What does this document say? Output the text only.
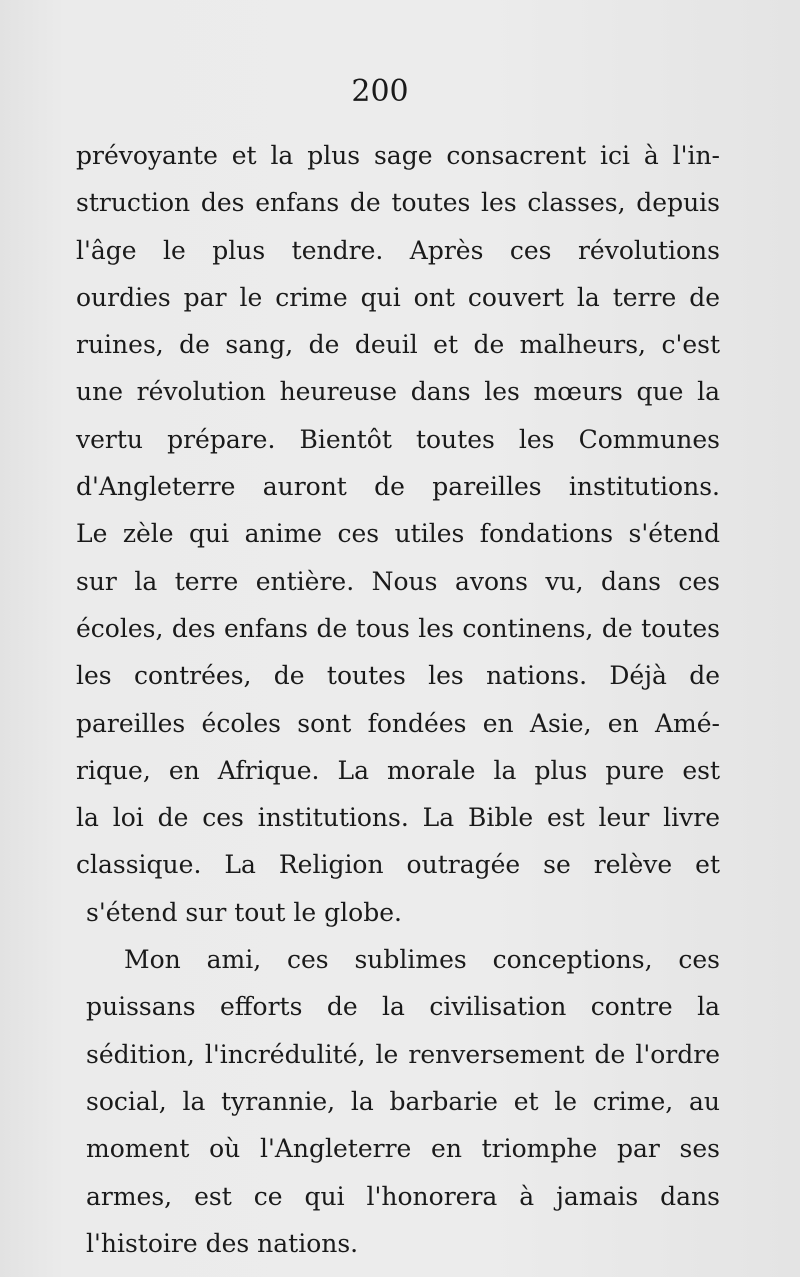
200
prévoyante et la plus sage consacrent ici à l'in-
struction des enfans de toutes les classes, depuis
l'âge le plus tendre. Après ces révolutions
ourdies par le crime qui ont couvert la terre de
ruines, de sang, de deuil et de malheurs, c'est
une révolution heureuse dans les mœurs que la
vertu prépare. Bientôt toutes les Communes
d'Angleterre auront de pareilles institutions.
Le zèle qui anime ces utiles fondations s'étend
sur la terre entière. Nous avons vu, dans ces
écoles, des enfans de tous les continens, de toutes
les contrées, de toutes les nations. Déjà de
pareilles écoles sont fondées en Asie, en Amé-
rique, en Afrique. La morale la plus pure est
la loi de ces institutions. La Bible est leur livre
classique. La Religion outragée se relève et
s'étend sur tout le globe.
Mon ami, ces sublimes conceptions, ces
puissans efforts de la civilisation contre la
sédition, l'incrédulité, le renversement de l'ordre
social, la tyrannie, la barbarie et le crime, au
moment où l'Angleterre en triomphe par ses
armes, est ce qui l'honorera à jamais dans
l'histoire des nations.
